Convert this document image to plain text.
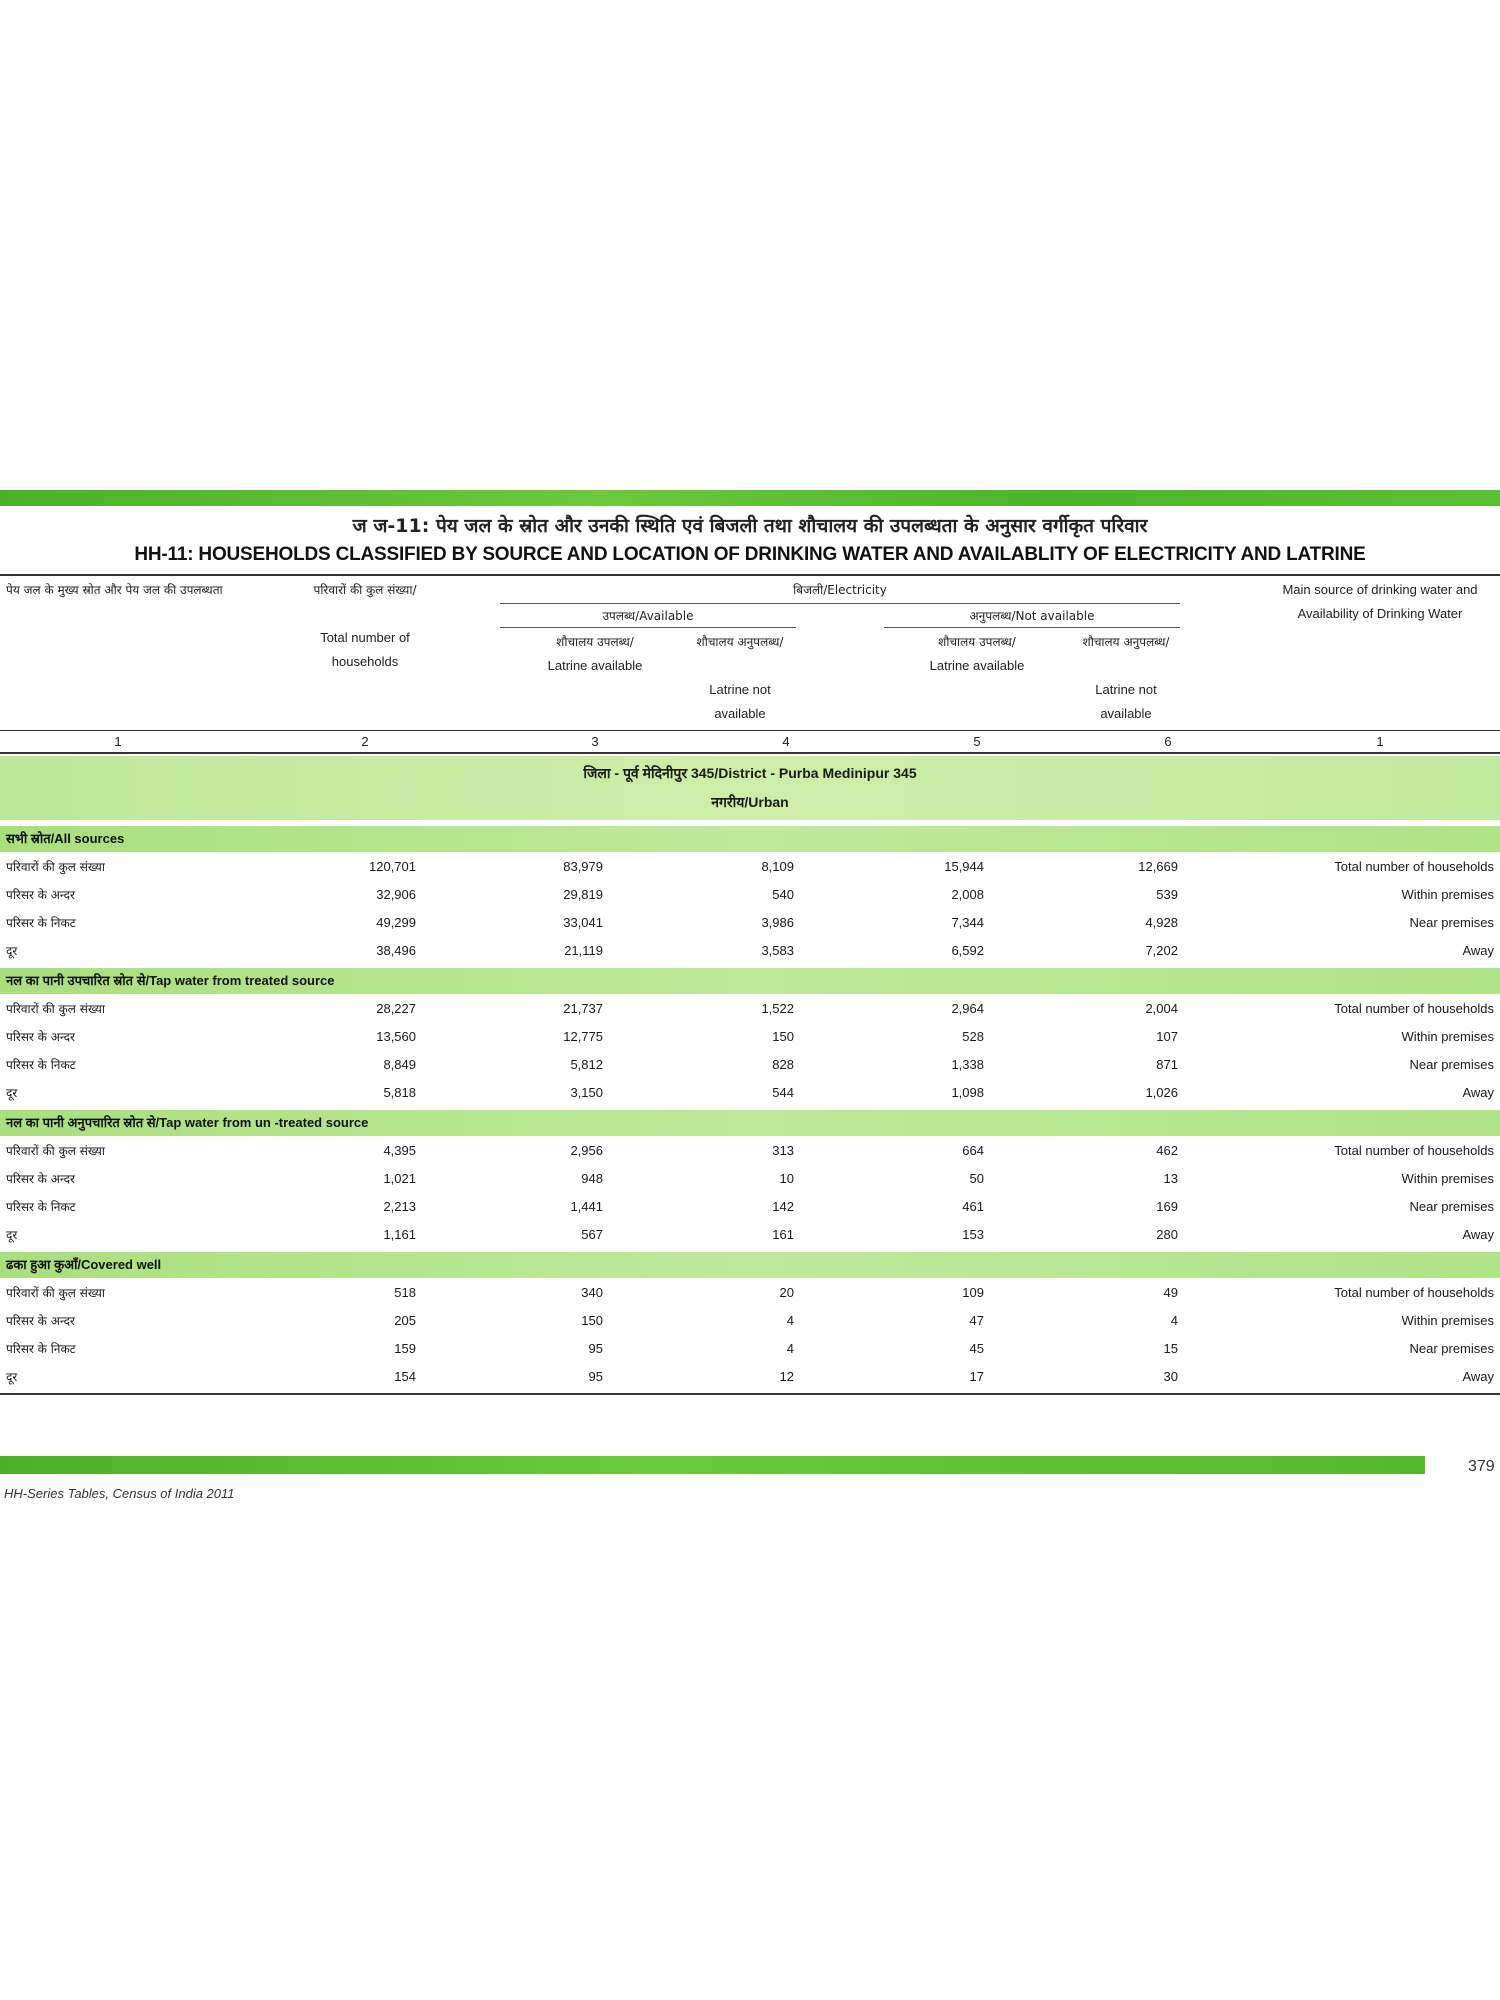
ज ज-11: पेय जल के स्रोत और उनकी स्थिति एवं बिजली तथा शौचालय की उपलब्धता के अनुसार वर्गीकृत परिवार
HH-11: HOUSEHOLDS CLASSIFIED BY SOURCE AND LOCATION OF DRINKING WATER AND AVAILABLITY OF ELECTRICITY AND LATRINE
पेय जल के मुख्य स्रोत और पेय जल की उपलब्धता	परिवारों की कुल संख्या/
Total number of households
बिजली/Electricity
उपलब्ध/Available	अनुपलब्ध/Not available
शौचालय उपलब्ध/
Latrine available
शौचालय अनुपलब्ध/
Latrine not available
शौचालय उपलब्ध/
Latrine available
शौचालय अनुपलब्ध/
Latrine not available
Main source of drinking water and Availability of Drinking Water
1	2	3	4	5	6	1
जिला - पूर्व मेदिनीपुर 345/District - Purba Medinipur 345
नगरीय/Urban
सभी स्रोत/All sources
परिवारों की कुल संख्या	120,701	83,979	8,109	15,944	12,669	Total number of households
परिसर के अन्दर	32,906	29,819	540	2,008	539	Within premises
परिसर के निकट	49,299	33,041	3,986	7,344	4,928	Near premises
दूर	38,496	21,119	3,583	6,592	7,202	Away
नल का पानी उपचारित स्रोत से/Tap water from treated source
परिवारों की कुल संख्या	28,227	21,737	1,522	2,964	2,004	Total number of households
परिसर के अन्दर	13,560	12,775	150	528	107	Within premises
परिसर के निकट	8,849	5,812	828	1,338	871	Near premises
दूर	5,818	3,150	544	1,098	1,026	Away
नल का पानी अनुपचारित स्रोत से/Tap water from un -treated source
परिवारों की कुल संख्या	4,395	2,956	313	664	462	Total number of households
परिसर के अन्दर	1,021	948	10	50	13	Within premises
परिसर के निकट	2,213	1,441	142	461	169	Near premises
दूर	1,161	567	161	153	280	Away
ढका हुआ कुआँ/Covered well
परिवारों की कुल संख्या	518	340	20	109	49	Total number of households
परिसर के अन्दर	205	150	4	47	4	Within premises
परिसर के निकट	159	95	4	45	15	Near premises
दूर	154	95	12	17	30	Away
379
HH-Series Tables, Census of India 2011
